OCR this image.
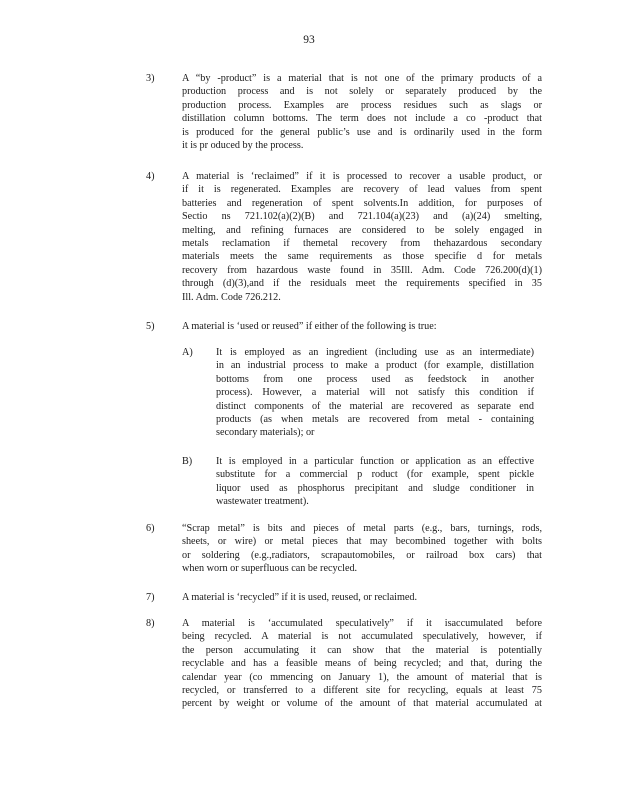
93
3)	A “by -product” is a material that is not one of the primary products of a
production process and is not solely or separately produced by the
production process. Examples are process residues such as slags or
distillation column bottoms. The term does not include a co -product that
is produced for the general public’s use and is ordinarily used in the form
it is pr oduced by the process.
4)	A material is ‘reclaimed” if it is processed to recover a usable product, or
if it is regenerated. Examples are recovery of lead values from spent
batteries and regeneration of spent solvents.In addition, for purposes of
Sectio ns 721.102(a)(2)(B) and 721.104(a)(23) and (a)(24) smelting,
melting, and refining furnaces are considered to be solely engaged in
metals reclamation if themetal recovery from thehazardous secondary
materials meets the same requirements as those specifie d for metals
recovery from hazardous waste found in 35Ill. Adm. Code 726.200(d)(1)
through (d)(3),and if the residuals meet the requirements specified in 35
Ill. Adm. Code 726.212.
5)	A material is ‘used or reused” if either of the following is true:
A) It is employed as an ingredient (including use as an intermediate)
in an industrial process to make a product (for example, distillation
bottoms from one process used as feedstock in another
process). However, a material will not satisfy this condition if
distinct components of the material are recovered as separate end
products (as when metals are recovered from metal - containing
secondary materials); or
B) It is employed in a particular function or application as an effective
substitute for a commercial p roduct (for example, spent pickle
liquor used as phosphorus precipitant and sludge conditioner in
wastewater treatment).
6)	“Scrap metal” is bits and pieces of metal parts (e.g., bars, turnings, rods,
sheets, or wire) or metal pieces that may becombined together with bolts
or soldering (e.g.,radiators, scrapautomobiles, or railroad box cars) that
when worn or superfluous can be recycled.
7)	A material is ‘recycled” if it is used, reused, or reclaimed.
8)	A material is ‘accumulated speculatively” if it isaccumulated before
being recycled. A material is not accumulated speculatively, however, if
the person accumulating it can show that the material is potentially
recyclable and has a feasible means of being recycled; and that, during the
calendar year (co mmencing on January 1), the amount of material that is
recycled, or transferred to a different site for recycling, equals at least 75
percent by weight or volume of the amount of that material accumulated at
